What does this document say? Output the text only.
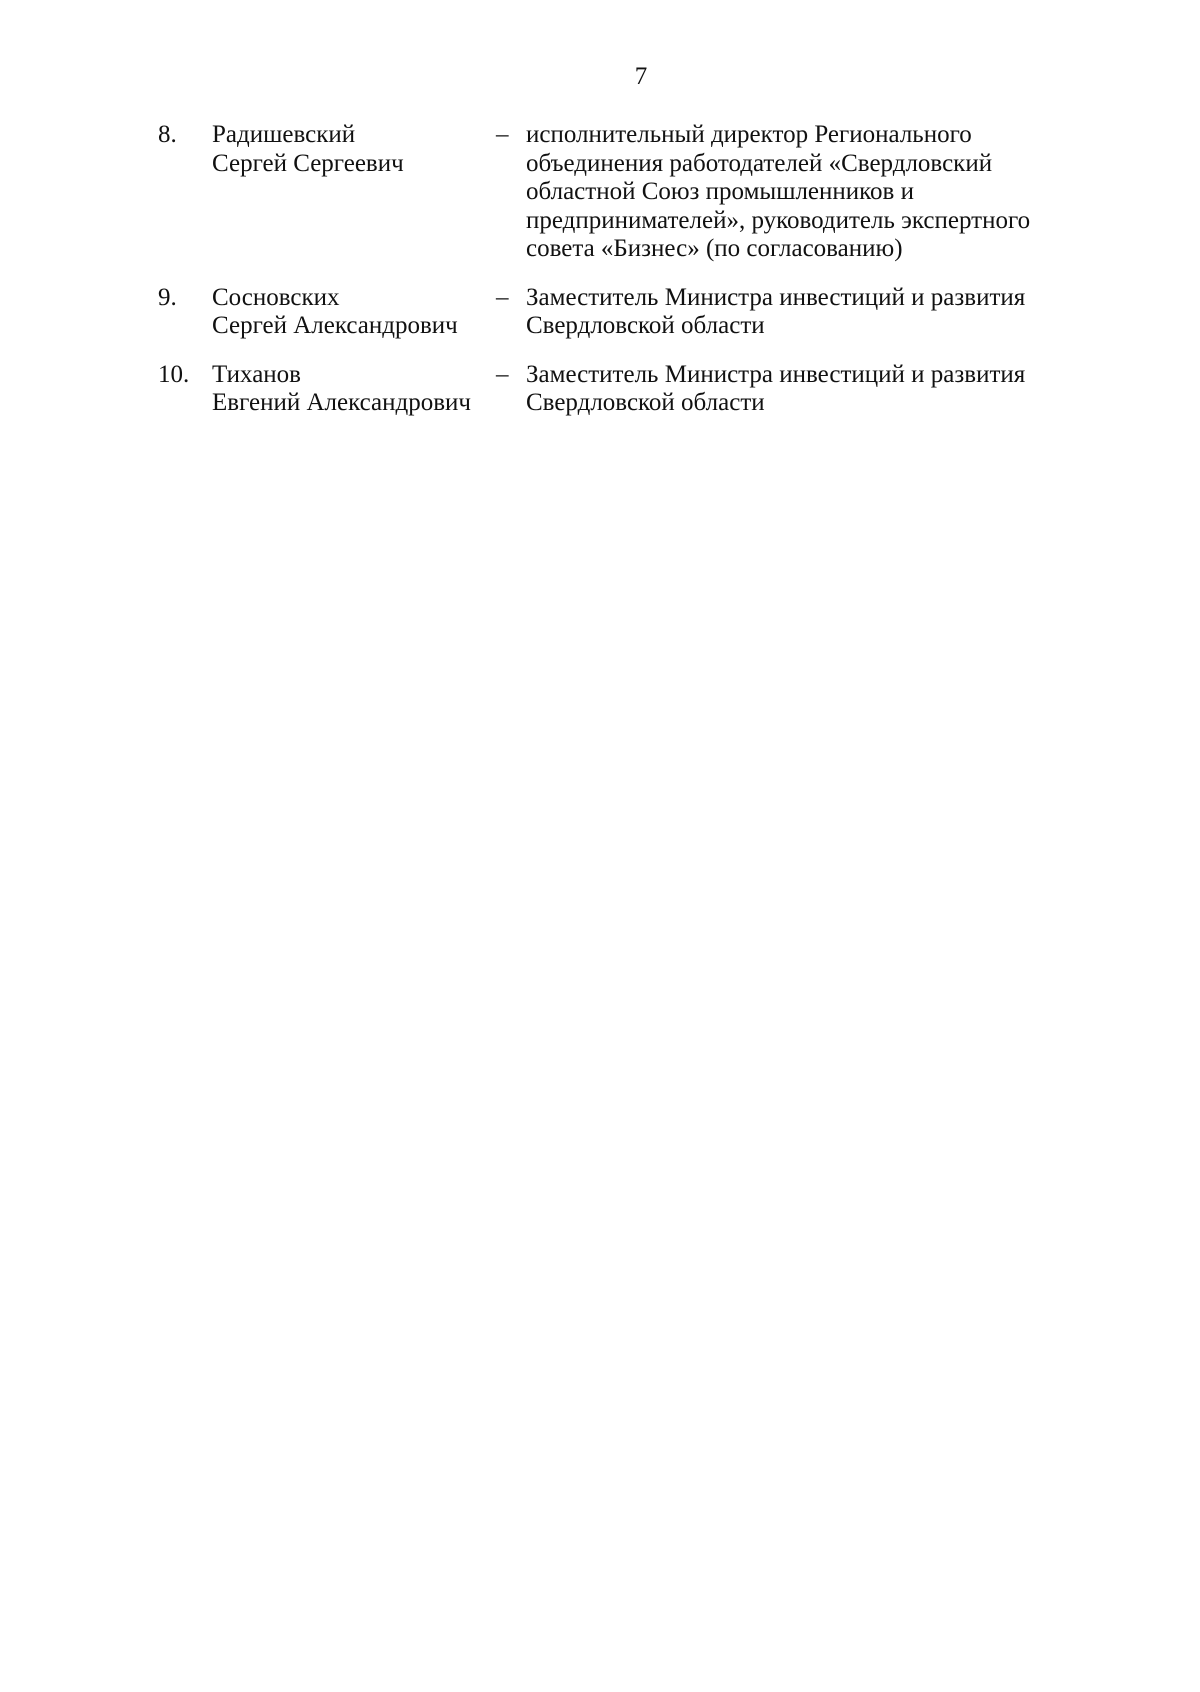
7
8.	Радишевский
Сергей Сергеевич
– исполнительный директор Регионального
объединения работодателей «Свердловский
областной Союз промышленников и
предпринимателей», руководитель экспертного
совета «Бизнес» (по согласованию)
9.	Сосновских
Сергей Александрович
– Заместитель Министра инвестиций и развития
Свердловской области
10. Тиханов
Евгений Александрович
– Заместитель Министра инвестиций и развития
Свердловской области
